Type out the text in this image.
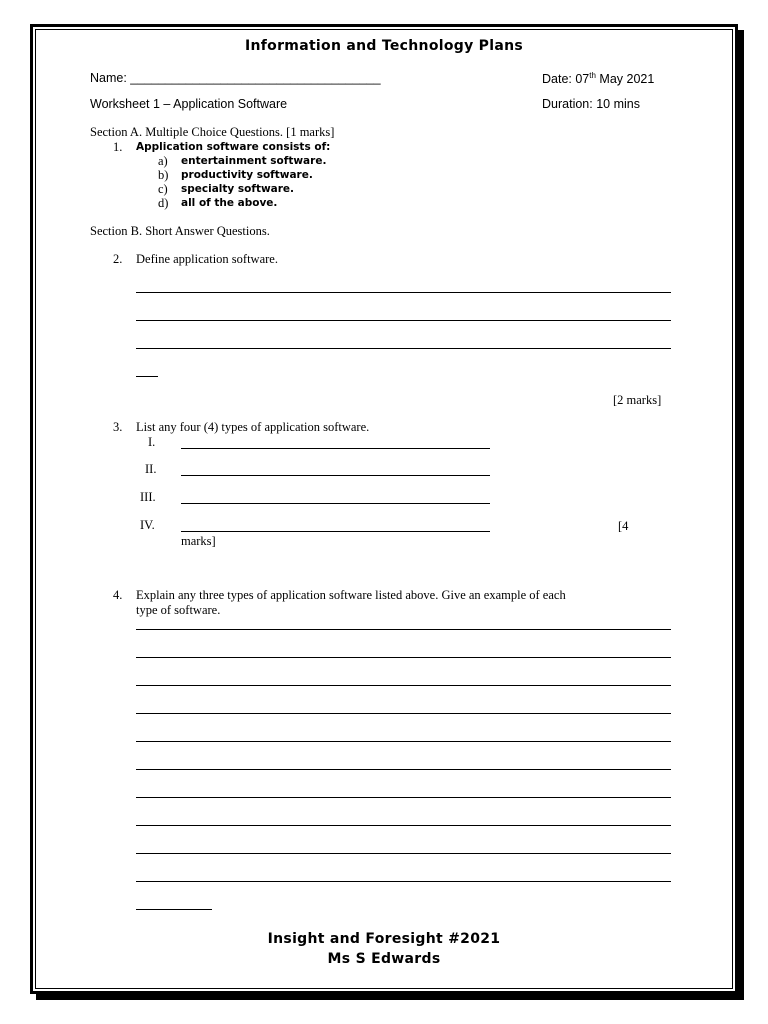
Information and Technology Plans
Name: ____________________________________	Date: 07th May 2021
Worksheet 1 – Application Software	Duration: 10 mins
Section A. Multiple Choice Questions. [1 marks]
1. Application software consists of:
a) entertainment software.
b) productivity software.
c) specialty software.
d) all of the above.
Section B. Short Answer Questions.
2. Define application software.
[2 marks]
3. List any four (4) types of application software.
I.
II.
III.
IV.	[4
marks]
4. Explain any three types of application software listed above. Give an example of each
type of software.
Insight and Foresight #2021
Ms S Edwards
